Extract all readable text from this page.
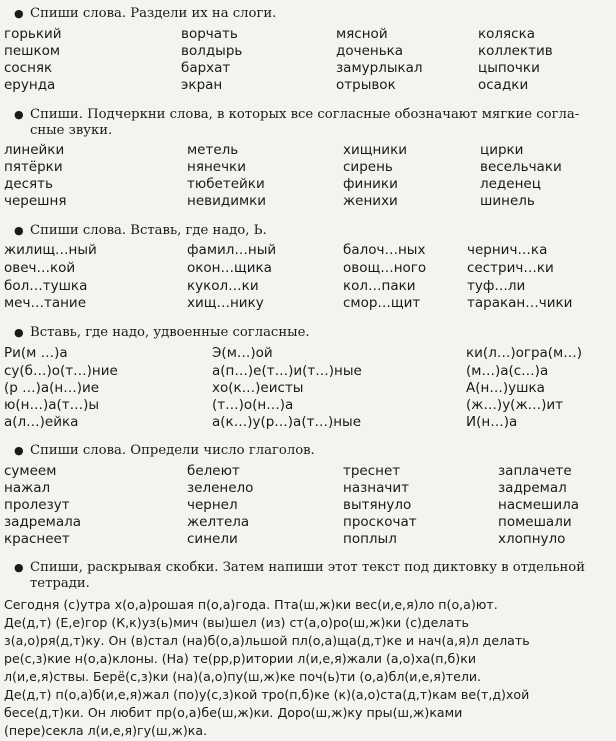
● Спиши слова. Раздели их на слоги.
горький	ворчать	мясной	коляска
пешком	волдырь	доченька	коллектив
сосняк	бархат	замурлыкал	цыпочки
ерунда	экран	отрывок	осадки
● Спиши. Подчеркни слова, в которых все согласные обозначают мягкие согла-
сные звуки.
линейки	метель	хищники	цирки
пятёрки	нянечки	сирень	весельчаки
десять	тюбетейки	финики	леденец
черешня	невидимки	женихи	шинель
● Спиши слова. Вставь, где надо, Ь.
жилищ…ный	фамил…ный	балоч…ных	чернич…ка
овеч…кой	окон…щика	овощ…ного	сестрич…ки
бол…тушка	кукол…ки	кол…паки	туф…ли
меч…тание	хищ…нику	смор…щит	таракан…чики
● Вставь, где надо, удвоенные согласные.
Ри(м …)а	Э(м…)ой	ки(л…)огра(м…)
су(б…)о(т…)ние	а(п…)е(т…)и(т…)ные	(м…)а(с…)а
(р …)а(н…)ие	хо(к…)еисты	А(н…)ушка
ю(н…)а(т…)ы	(т…)о(н…)а	(ж…)у(ж…)ит
а(л…)ейка	а(к…)у(р…)а(т…)ные	И(н…)а
● Спиши слова. Определи число глаголов.
сумеем	белеют	треснет	заплачете
нажал	зеленело	назначит	задремал
пролезут	чернел	вытянуло	насмешила
задремала	желтела	проскочат	помешали
краснеет	синели	поплыл	хлопнуло
● Спиши, раскрывая скобки. Затем напиши этот текст под диктовку в отдельной
тетради.
Сегодня (с)утра х(о,а)рошая п(о,а)года. Пта(ш,ж)ки вес(и,е,я)ло п(о,а)ют.
Де(д,т) (Е,е)гор (К,к)уз(ь)мич (вы)шел (из) ст(а,о)ро(ш,ж)ки (с)делать
з(а,о)ря(д,т)ку. Он (в)стал (на)б(о,а)льшой пл(о,а)ща(д,т)ке и нач(а,я)л делать
ре(с,з)кие н(о,а)клоны. (На) те(рр,р)итории л(и,е,я)жали (а,о)ха(п,б)ки
л(и,е,я)ствы. Берё(с,з)ки (на)(а,о)пу(ш,ж)ке поч(ь)ти (о,а)бл(и,е,я)тели.
Де(д,т) п(о,а)б(и,е,я)жал (по)у(с,з)кой тро(п,б)ке (к)(а,о)ста(д,т)кам ве(т,д)хой
бесе(д,т)ки. Он любит пр(о,а)бе(ш,ж)ки. Доро(ш,ж)ку пры(ш,ж)ками
(пере)секла л(и,е,я)гу(ш,ж)ка.
